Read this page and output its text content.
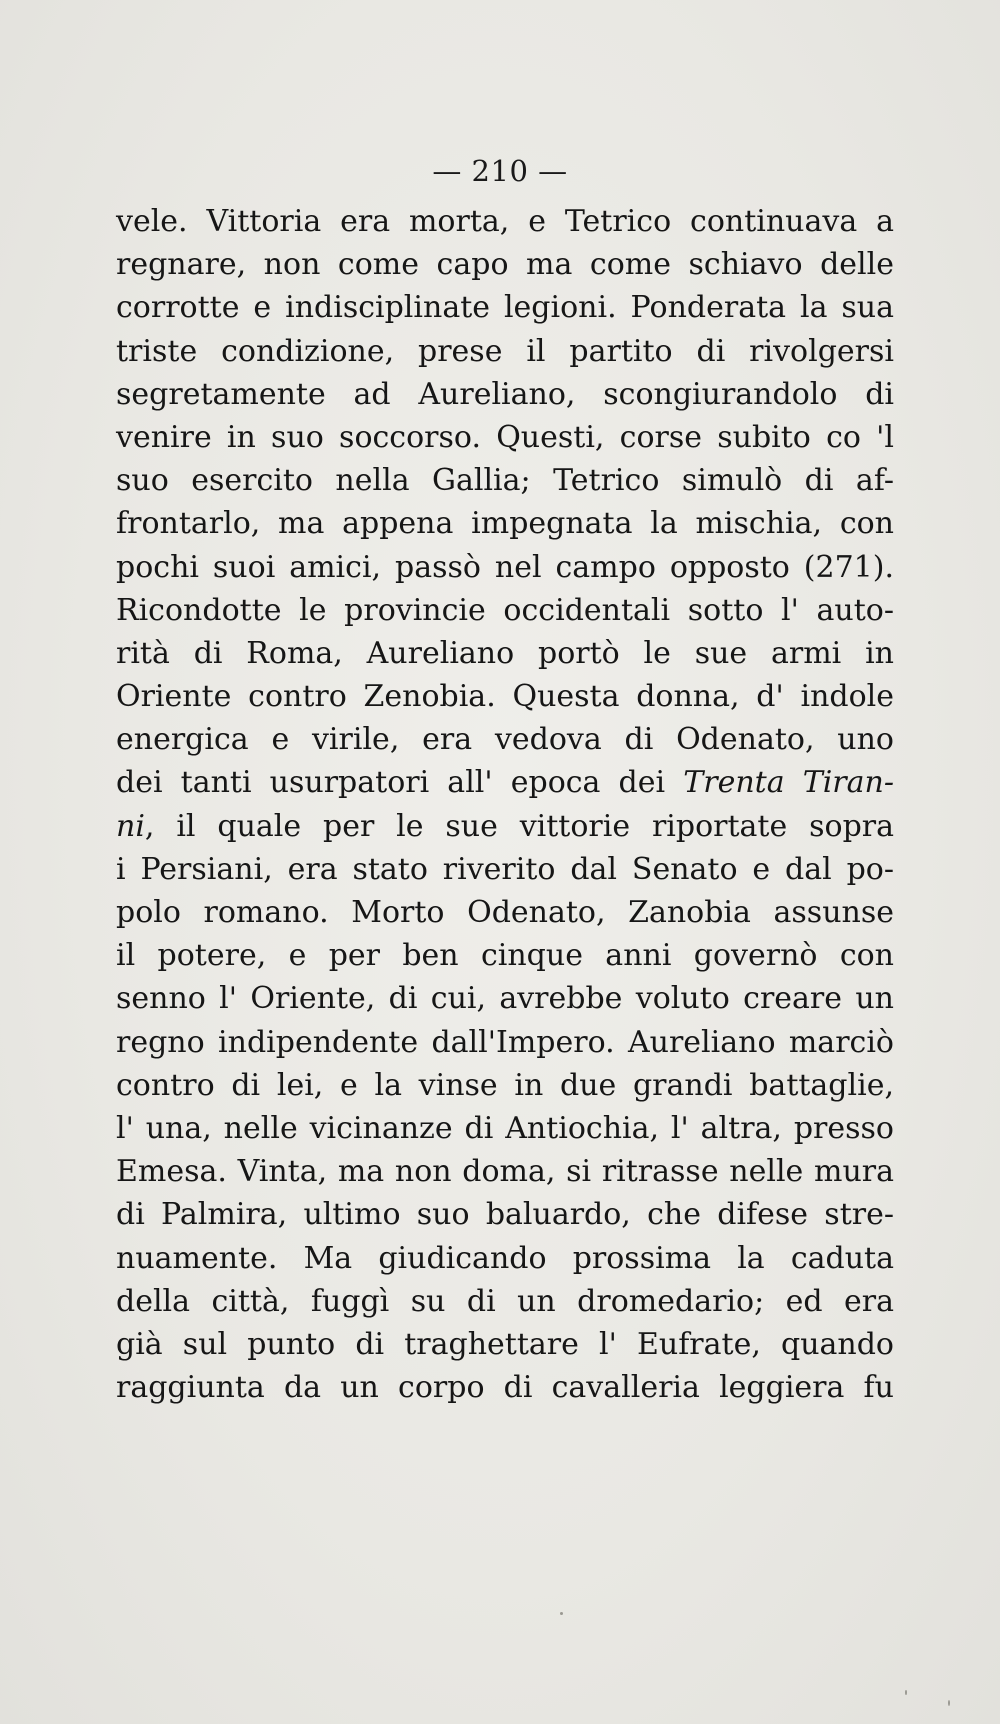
— 210 —
vele. Vittoria era morta, e Tetrico continuava a
regnare, non come capo ma come schiavo delle
corrotte e indisciplinate legioni. Ponderata la sua
triste condizione, prese il partito di rivolgersi
segretamente ad Aureliano, scongiurandolo di
venire in suo soccorso. Questi, corse subito co 'l
suo esercito nella Gallia; Tetrico simulò di af-
frontarlo, ma appena impegnata la mischia, con
pochi suoi amici, passò nel campo opposto (271).
Ricondotte le provincie occidentali sotto l' auto-
rità di Roma, Aureliano portò le sue armi in
Oriente contro Zenobia. Questa donna, d' indole
energica e virile, era vedova di Odenato, uno
dei tanti usurpatori all' epoca dei Trenta Tiran-
ni, il quale per le sue vittorie riportate sopra
i Persiani, era stato riverito dal Senato e dal po-
polo romano. Morto Odenato, Zanobia assunse
il potere, e per ben cinque anni governò con
senno l' Oriente, di cui, avrebbe voluto creare un
regno indipendente dall'Impero. Aureliano marciò
contro di lei, e la vinse in due grandi battaglie,
l' una, nelle vicinanze di Antiochia, l' altra, presso
Emesa. Vinta, ma non doma, si ritrasse nelle mura
di Palmira, ultimo suo baluardo, che difese stre-
nuamente. Ma giudicando prossima la caduta
della città, fuggì su di un dromedario; ed era
già sul punto di traghettare l' Eufrate, quando
raggiunta da un corpo di cavalleria leggiera fu
